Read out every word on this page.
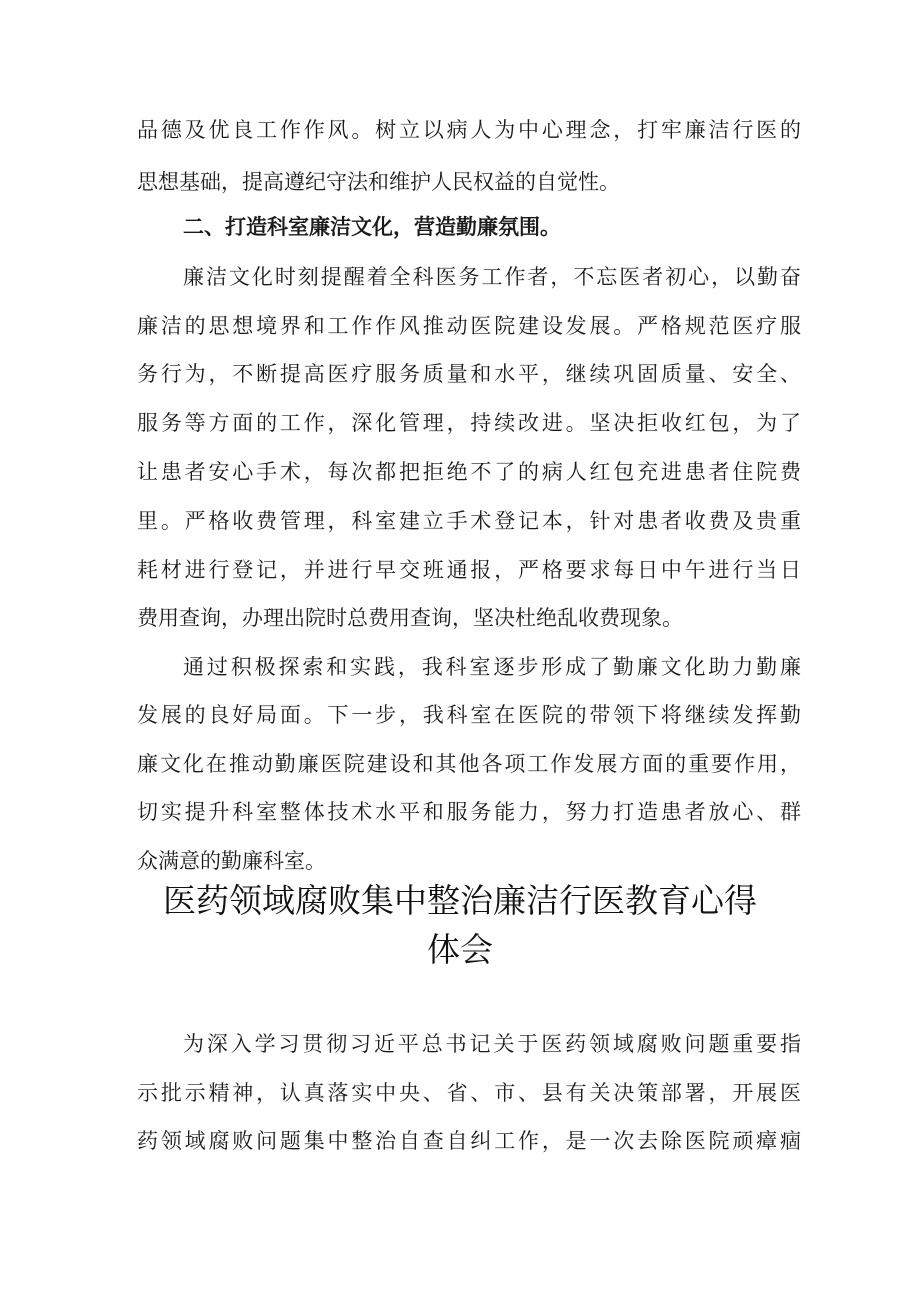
品德及优良工作作风。树立以病人为中心理念，打牢廉洁行医的
思想基础，提高遵纪守法和维护人民权益的自觉性。
二、打造科室廉洁文化，营造勤廉氛围。
廉洁文化时刻提醒着全科医务工作者，不忘医者初心，以勤奋
廉洁的思想境界和工作作风推动医院建设发展。严格规范医疗服
务行为，不断提高医疗服务质量和水平，继续巩固质量、安全、
服务等方面的工作，深化管理，持续改进。坚决拒收红包，为了
让患者安心手术，每次都把拒绝不了的病人红包充进患者住院费
里。严格收费管理，科室建立手术登记本，针对患者收费及贵重
耗材进行登记，并进行早交班通报，严格要求每日中午进行当日
费用查询，办理出院时总费用查询，坚决杜绝乱收费现象。
通过积极探索和实践，我科室逐步形成了勤廉文化助力勤廉
发展的良好局面。下一步，我科室在医院的带领下将继续发挥勤
廉文化在推动勤廉医院建设和其他各项工作发展方面的重要作用，
切实提升科室整体技术水平和服务能力，努力打造患者放心、群
众满意的勤廉科室。
医药领域腐败集中整治廉洁行医教育心得
体会
为深入学习贯彻习近平总书记关于医药领域腐败问题重要指
示批示精神，认真落实中央、省、市、县有关决策部署，开展医
药领域腐败问题集中整治自查自纠工作，是一次去除医院顽瘴痼
